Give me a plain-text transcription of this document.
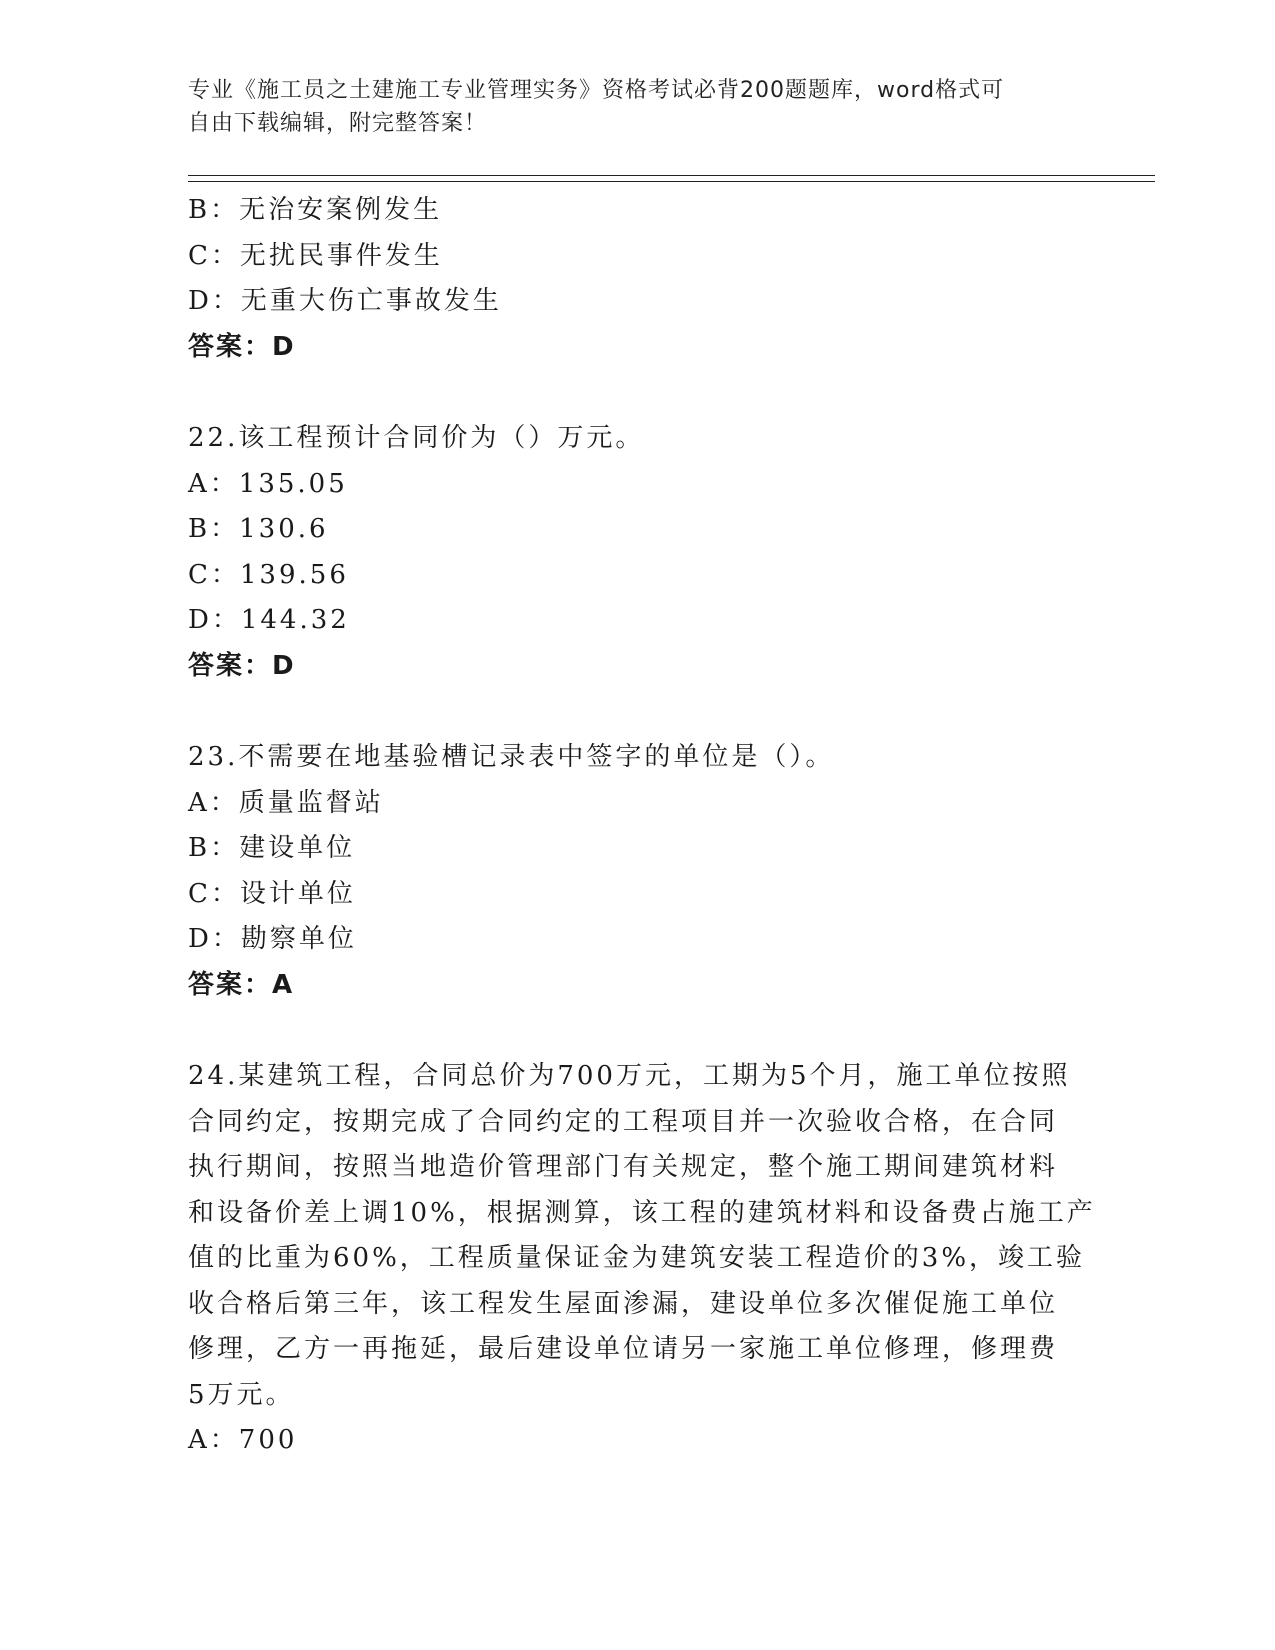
专业《施工员之土建施工专业管理实务》资格考试必背200题题库，word格式可
自由下载编辑，附完整答案！
B：无治安案例发生
C：无扰民事件发生
D：无重大伤亡事故发生
答案：D
22.该工程预计合同价为（）万元。
A：135.05
B：130.6
C：139.56
D：144.32
答案：D
23.不需要在地基验槽记录表中签字的单位是（）。
A：质量监督站
B：建设单位
C：设计单位
D：勘察单位
答案：A
24.某建筑工程，合同总价为700万元，工期为5个月，施工单位按照
合同约定，按期完成了合同约定的工程项目并一次验收合格，在合同
执行期间，按照当地造价管理部门有关规定，整个施工期间建筑材料
和设备价差上调10%，根据测算，该工程的建筑材料和设备费占施工产
值的比重为60%，工程质量保证金为建筑安装工程造价的3%，竣工验
收合格后第三年，该工程发生屋面渗漏，建设单位多次催促施工单位
修理，乙方一再拖延，最后建设单位请另一家施工单位修理，修理费
5万元。
A：700
